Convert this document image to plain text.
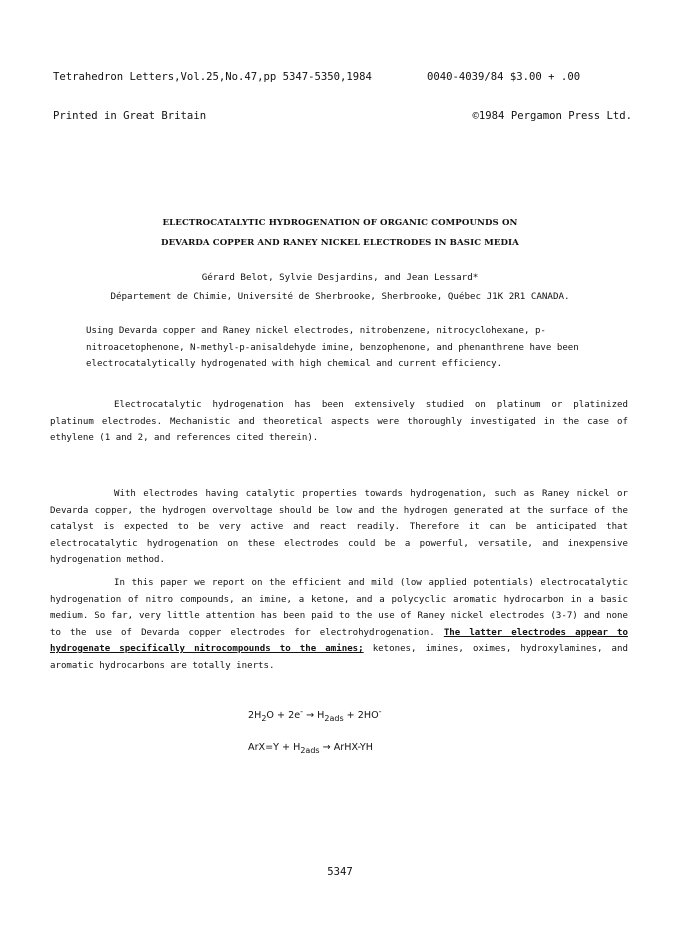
Tetrahedron Letters,Vol.25,No.47,pp 5347-5350,1984

Printed in Great Britain

0040-4039/84 $3.00 + .00

©1984 Pergamon Press Ltd.

ELECTROCATALYTIC HYDROGENATION OF ORGANIC COMPOUNDS ON
DEVARDA COPPER AND RANEY NICKEL ELECTRODES IN BASIC MEDIA
Gérard Belot, Sylvie Desjardins, and Jean Lessard*
Département de Chimie, Université de Sherbrooke, Sherbrooke, Québec J1K 2R1 CANADA.
Using Devarda copper and Raney nickel electrodes, nitrobenzene, nitrocyclohexane, p-nitroacetophenone, N-methyl-p-anisaldehyde imine, benzophenone, and phenanthrene have been electrocatalytically hydrogenated with high chemical and current efficiency.
Electrocatalytic hydrogenation has been extensively studied on platinum or platinized platinum electrodes. Mechanistic and theoretical aspects were thoroughly investigated in the case of ethylene (1 and 2, and references cited therein).
With electrodes having catalytic properties towards hydrogenation, such as Raney nickel or Devarda copper, the hydrogen overvoltage should be low and the hydrogen generated at the surface of the catalyst is expected to be very active and react readily. Therefore it can be anticipated that electrocatalytic hydrogenation on these electrodes could be a powerful, versatile, and inexpensive hydrogenation method.
In this paper we report on the efficient and mild (low applied potentials) electrocatalytic hydrogenation of nitro compounds, an imine, a ketone, and a polycyclic aromatic hydrocarbon in a basic medium. So far, very little attention has been paid to the use of Raney nickel electrodes (3-7) and none to the use of Devarda copper electrodes for electrohydrogenation. The latter electrodes appear to hydrogenate specifically nitrocompounds to the amines; ketones, imines, oximes, hydroxylamines, and aromatic hydrocarbons are totally inerts.
$2H_2O + 2e^- \to H_{2ads} + 2HO^-$
$ArX=Y + H_{2ads}$ → ArHX-YH
5347
